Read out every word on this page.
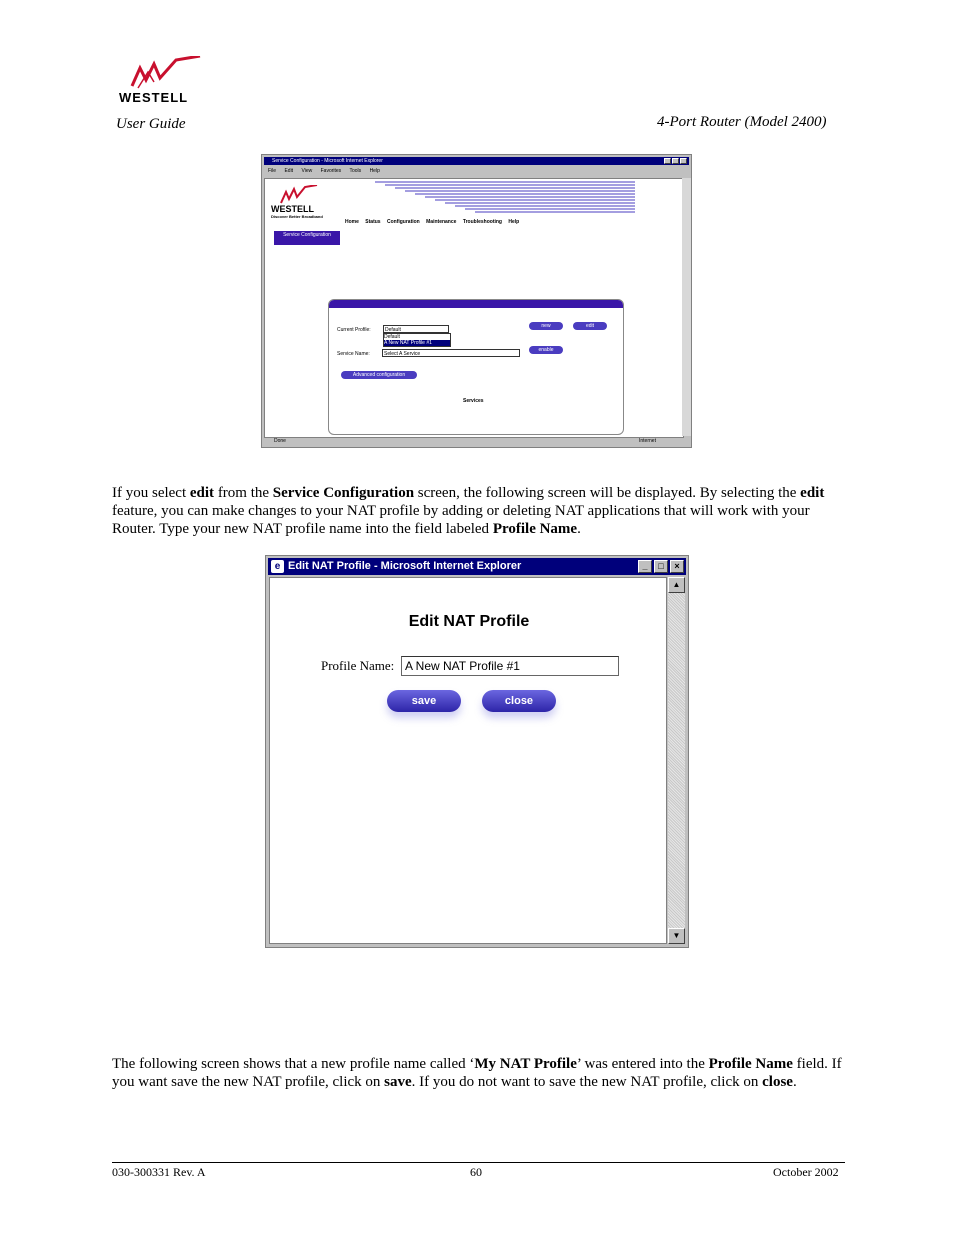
WESTELL
User Guide	4-Port Router (Model 2400)
Service Configuration - Microsoft Internet Explorer
File Edit View Favorites Tools Help
WESTELL
Discover Better Broadband
Home Status Configuration Maintenance Troubleshooting Help
Service Configuration
Current Profile:	Default
Default
A New NAT Profile #1
Service Name:	Select A Service
new	edit
enable
Advanced configuration
Services
Done	Internet
If you select edit from the Service Configuration screen, the following screen will be displayed. By selecting the edit feature, you can make changes to your NAT profile by adding or deleting NAT applications that will work with your Router. Type your new NAT profile name into the field labeled Profile Name.
e Edit NAT Profile - Microsoft Internet Explorer	_	□	×
Edit NAT Profile
Profile Name: A New NAT Profile #1
save	close
▲
▼
The following screen shows that a new profile name called ‘My NAT Profile’ was entered into the Profile Name field. If you want save the new NAT profile, click on save. If you do not want to save the new NAT profile, click on close.
030-300331 Rev. A	60	October 2002
